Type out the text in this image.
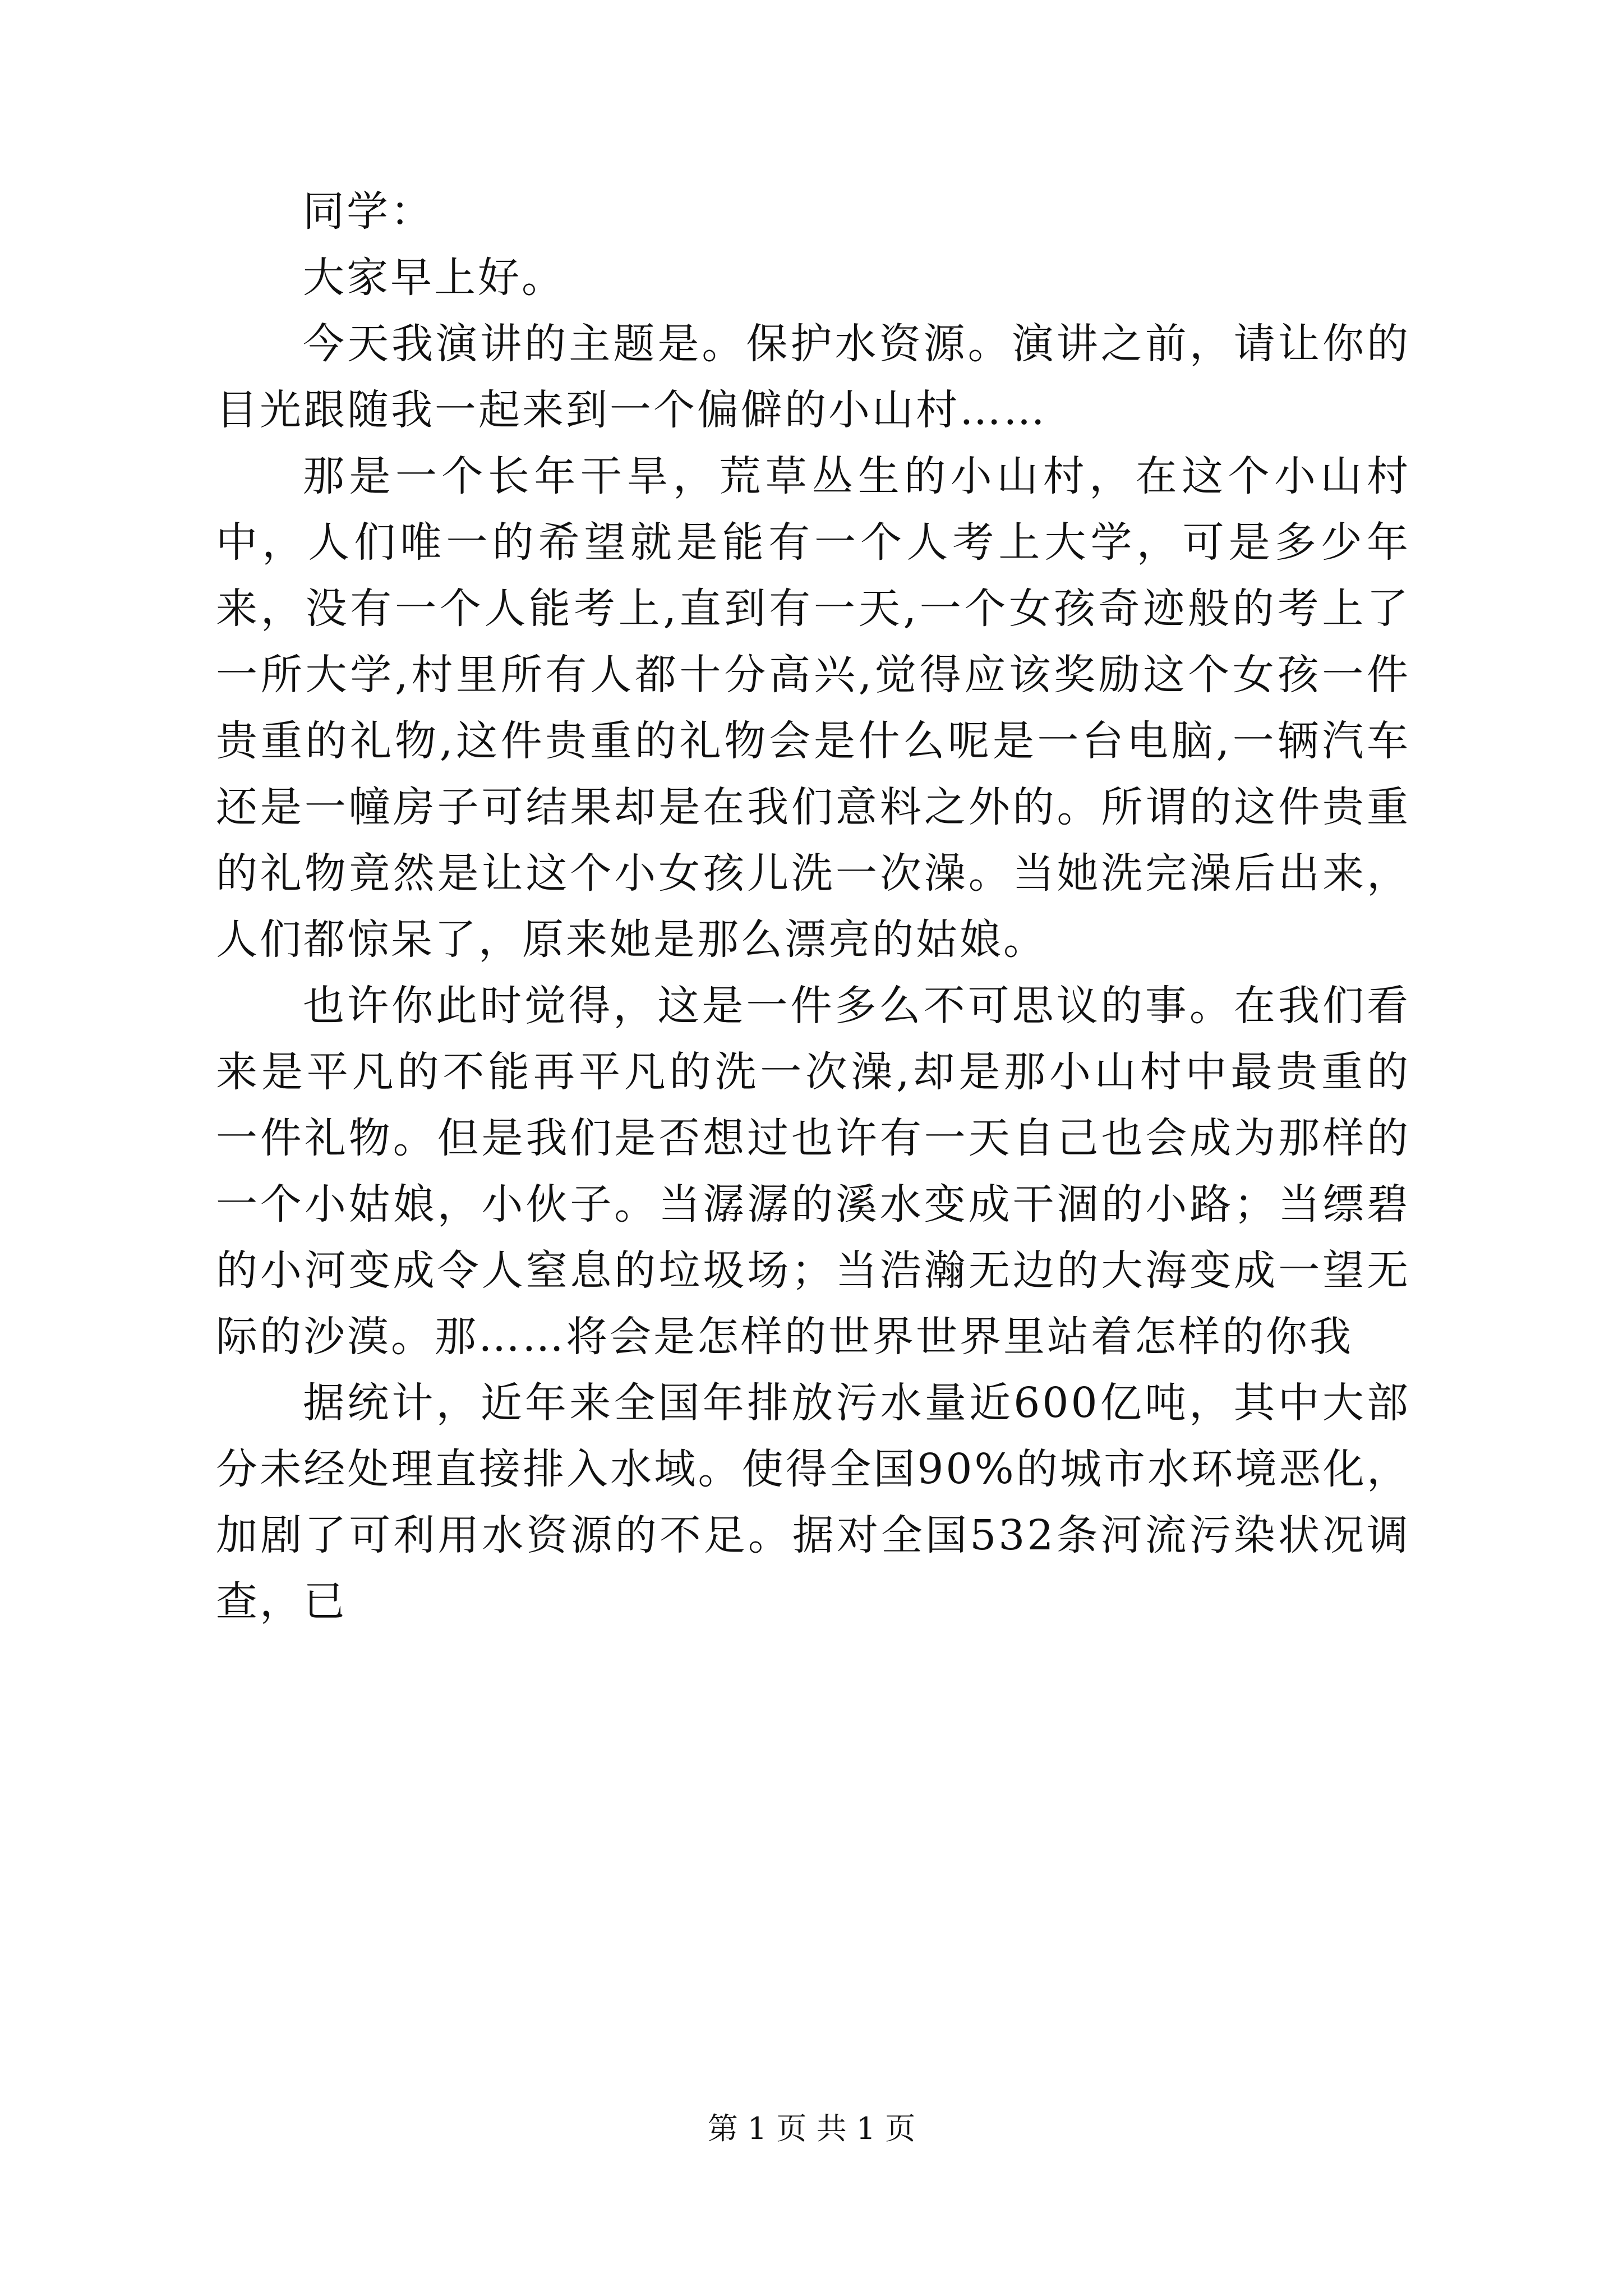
同学：

大家早上好。

今天我演讲的主题是。保护水资源。演讲之前，请让你的目光跟随我一起来到一个偏僻的小山村……

那是一个长年干旱，荒草丛生的小山村，在这个小山村中，人们唯一的希望就是能有一个人考上大学，可是多少年来，没有一个人能考上,直到有一天,一个女孩奇迹般的考上了一所大学,村里所有人都十分高兴,觉得应该奖励这个女孩一件贵重的礼物,这件贵重的礼物会是什么呢是一台电脑,一辆汽车还是一幢房子可结果却是在我们意料之外的。所谓的这件贵重的礼物竟然是让这个小女孩儿洗一次澡。当她洗完澡后出来，人们都惊呆了，原来她是那么漂亮的姑娘。

也许你此时觉得，这是一件多么不可思议的事。在我们看来是平凡的不能再平凡的洗一次澡,却是那小山村中最贵重的一件礼物。但是我们是否想过也许有一天自己也会成为那样的一个小姑娘，小伙子。当潺潺的溪水变成干涸的小路；当缥碧的小河变成令人窒息的垃圾场；当浩瀚无边的大海变成一望无际的沙漠。那……将会是怎样的世界世界里站着怎样的你我

据统计，近年来全国年排放污水量近600亿吨，其中大部分未经处理直接排入水域。使得全国90%的城市水环境恶化，加剧了可利用水资源的不足。据对全国532条河流污染状况调查，已

第 1 页 共 1 页
